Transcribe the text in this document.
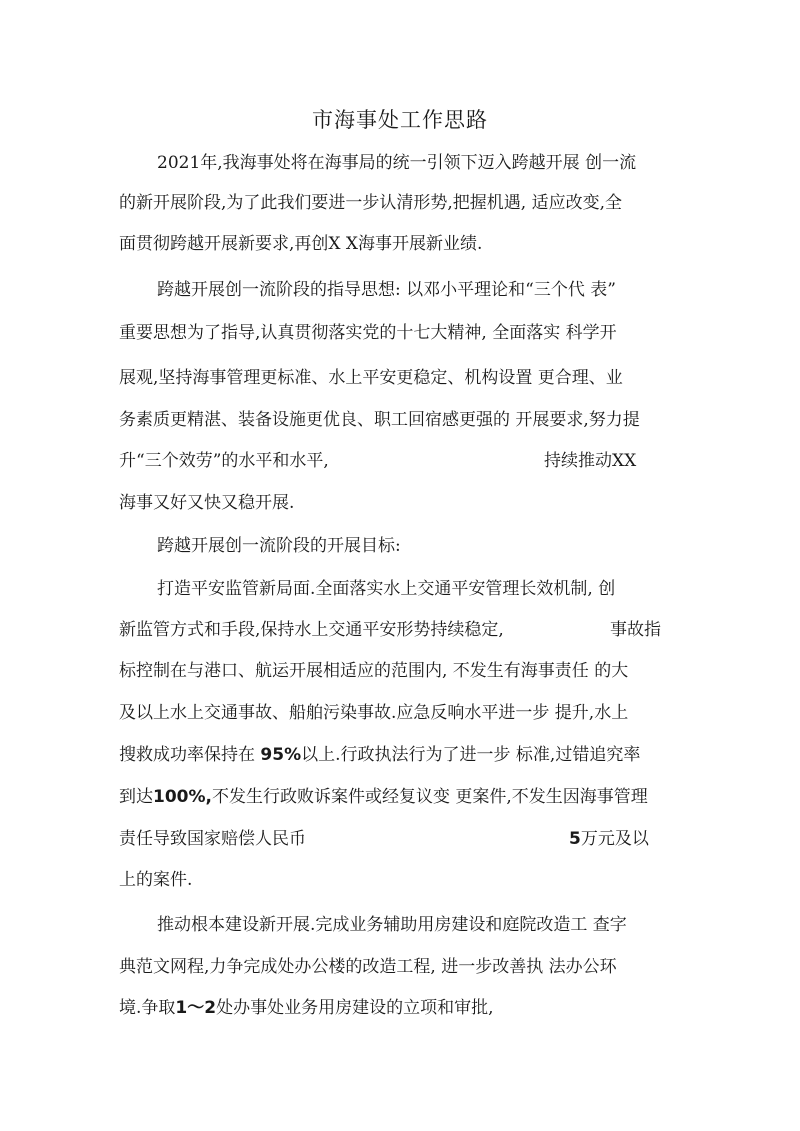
市海事处工作思路
2021年,我海事处将在海事局的统一引领下迈入跨越开展 创一流
的新开展阶段,为了此我们要进一步认清形势,把握机遇, 适应改变,全
面贯彻跨越开展新要求,再创X X海事开展新业绩.
跨越开展创一流阶段的指导思想: 以邓小平理论和“三个代 表”
重要思想为了指导,认真贯彻落实党的十七大精神, 全面落实 科学开
展观,坚持海事管理更标准、水上平安更稳定、机构设置 更合理、业
务素质更精湛、装备设施更优良、职工回宿感更强的 开展要求,努力提
升“三个效劳”的水平和水平,	持续推动XX
海事又好又快又稳开展.
跨越开展创一流阶段的开展目标:
打造平安监管新局面.全面落实水上交通平安管理长效机制, 创
新监管方式和手段,保持水上交通平安形势持续稳定,	事故指
标控制在与港口、航运开展相适应的范围内, 不发生有海事责任 的大
及以上水上交通事故、船舶污染事故.应急反响水平进一步 提升,水上
搜救成功率保持在 95%以上.行政执法行为了进一步 标准,过错追究率
到达100%,不发生行政败诉案件或经复议变 更案件,不发生因海事管理
责任导致国家赔偿人民币	5万元及以
上的案件.
推动根本建设新开展.完成业务辅助用房建设和庭院改造工 查字
典范文网程,力争完成处办公楼的改造工程, 进一步改善执 法办公环
境.争取1～2处办事处业务用房建设的立项和审批,
